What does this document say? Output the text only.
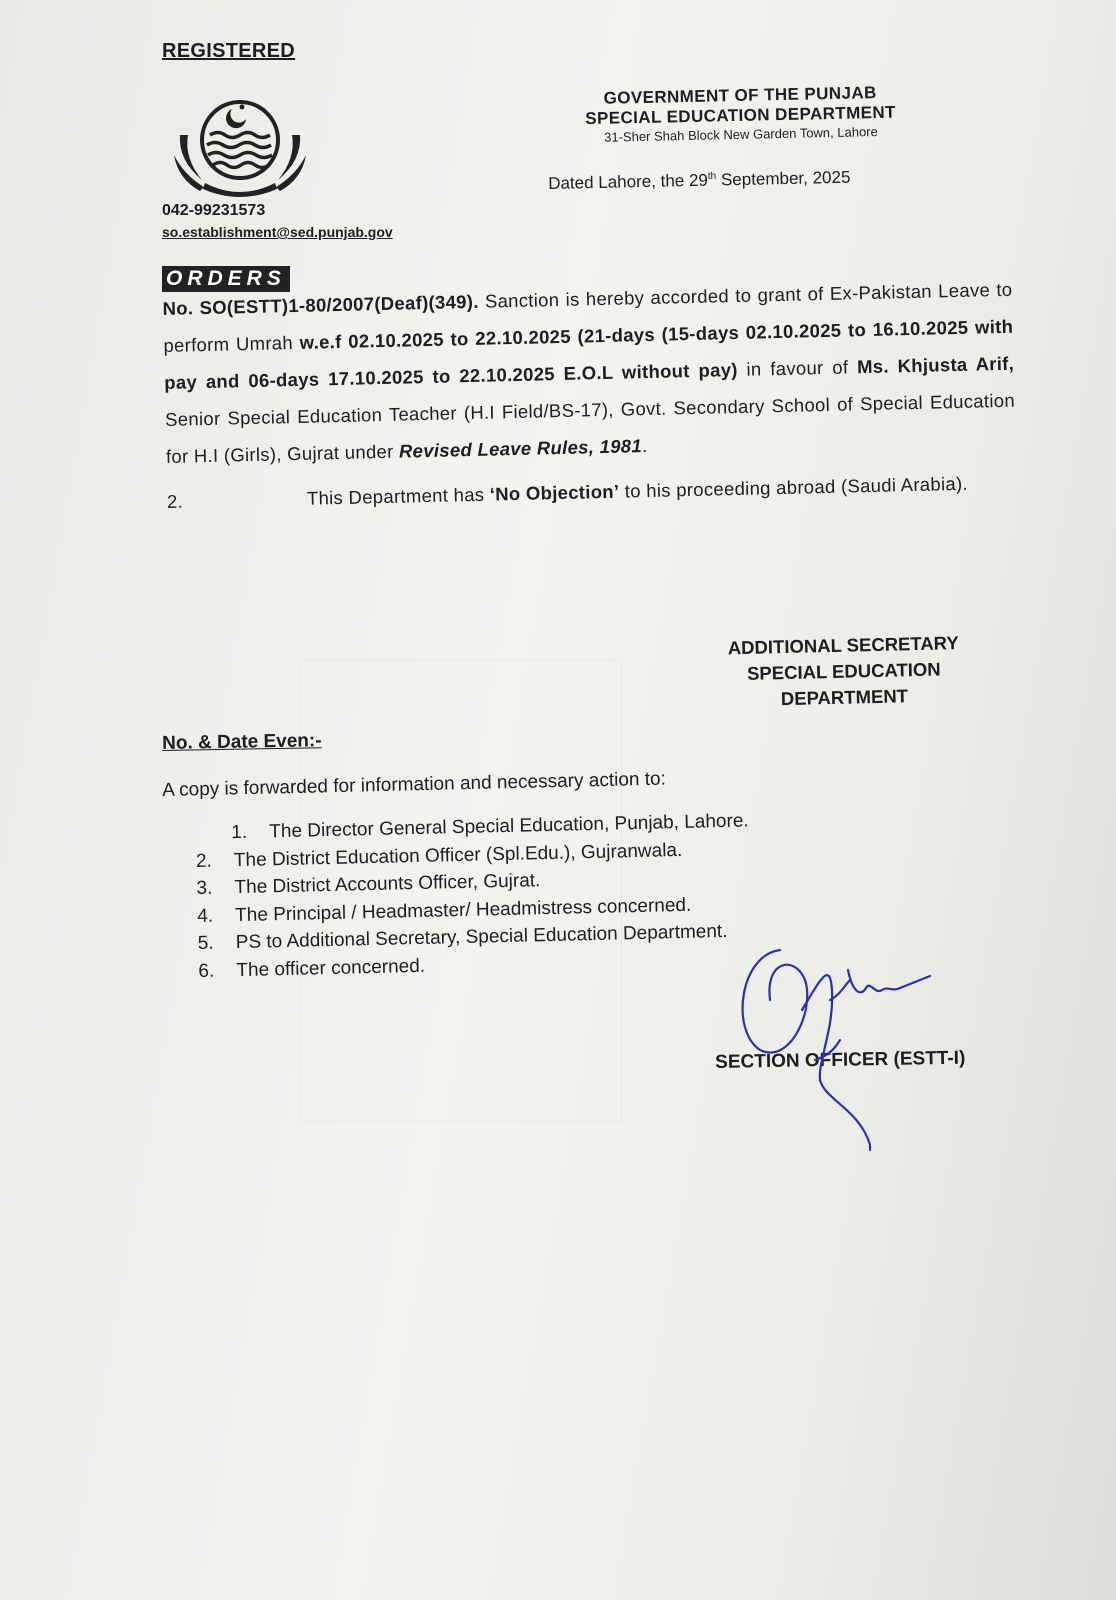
REGISTERED
042-99231573
so.establishment@sed.punjab.gov
GOVERNMENT OF THE PUNJAB
SPECIAL EDUCATION DEPARTMENT
31-Sher Shah Block New Garden Town, Lahore
Dated Lahore, the 29th September, 2025
ORDERS
No. SO(ESTT)1-80/2007(Deaf)(349). Sanction is hereby accorded to grant of Ex-Pakistan Leave to perform Umrah w.e.f 02.10.2025 to 22.10.2025 (21-days (15-days 02.10.2025 to 16.10.2025 with pay and 06-days 17.10.2025 to 22.10.2025 E.O.L without pay) in favour of Ms. Khjusta Arif, Senior Special Education Teacher (H.I Field/BS-17), Govt. Secondary School of Special Education for H.I (Girls), Gujrat under Revised Leave Rules, 1981.
2.	This Department has ‘No Objection’ to his proceeding abroad (Saudi Arabia).
ADDITIONAL SECRETARY
SPECIAL EDUCATION
DEPARTMENT
No. & Date Even:-
A copy is forwarded for information and necessary action to:
1. The Director General Special Education, Punjab, Lahore.
2. The District Education Officer (Spl.Edu.), Gujranwala.
3. The District Accounts Officer, Gujrat.
4. The Principal / Headmaster/ Headmistress concerned.
5. PS to Additional Secretary, Special Education Department.
6. The officer concerned.
SECTION OFFICER (ESTT-I)
